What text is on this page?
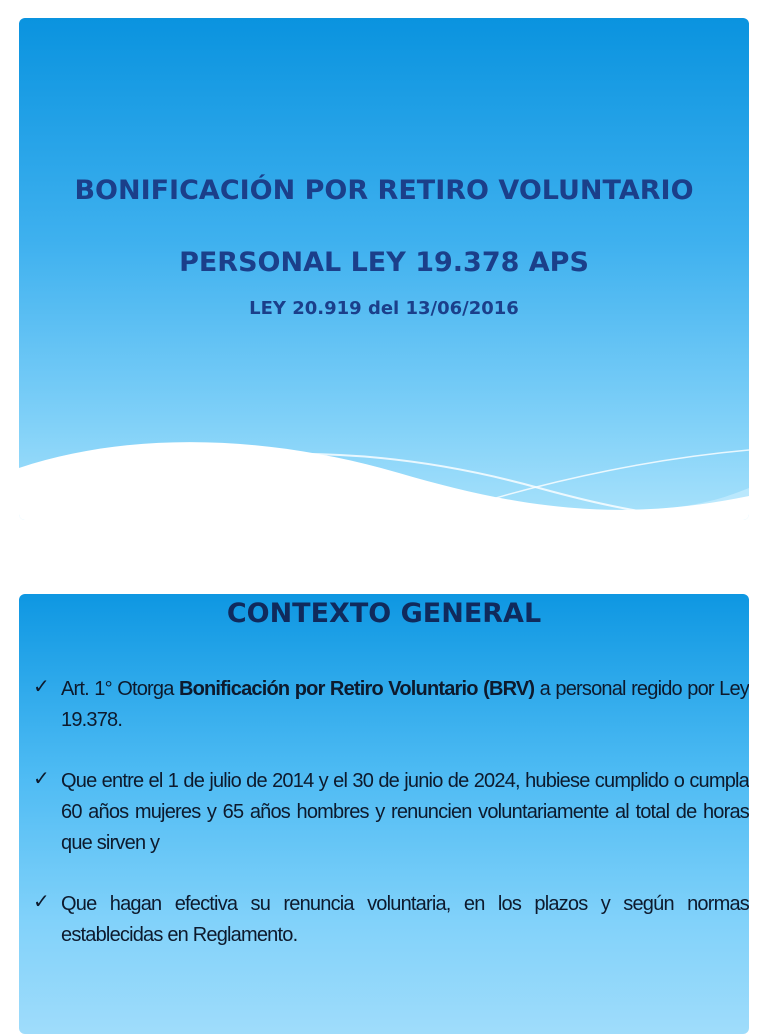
BONIFICACIÓN POR RETIRO VOLUNTARIO
PERSONAL LEY 19.378 APS
LEY 20.919 del 13/06/2016
CONTEXTO GENERAL
✓ Art. 1° Otorga Bonificación por Retiro Voluntario (BRV) a personal regido por Ley 19.378.
✓ Que entre el 1 de julio de 2014 y el 30 de junio de 2024, hubiese cumplido o cumpla 60 años mujeres y 65 años hombres y renuncien voluntariamente al total de horas que sirven y
✓ Que hagan efectiva su renuncia voluntaria, en los plazos y según normas establecidas en Reglamento.
